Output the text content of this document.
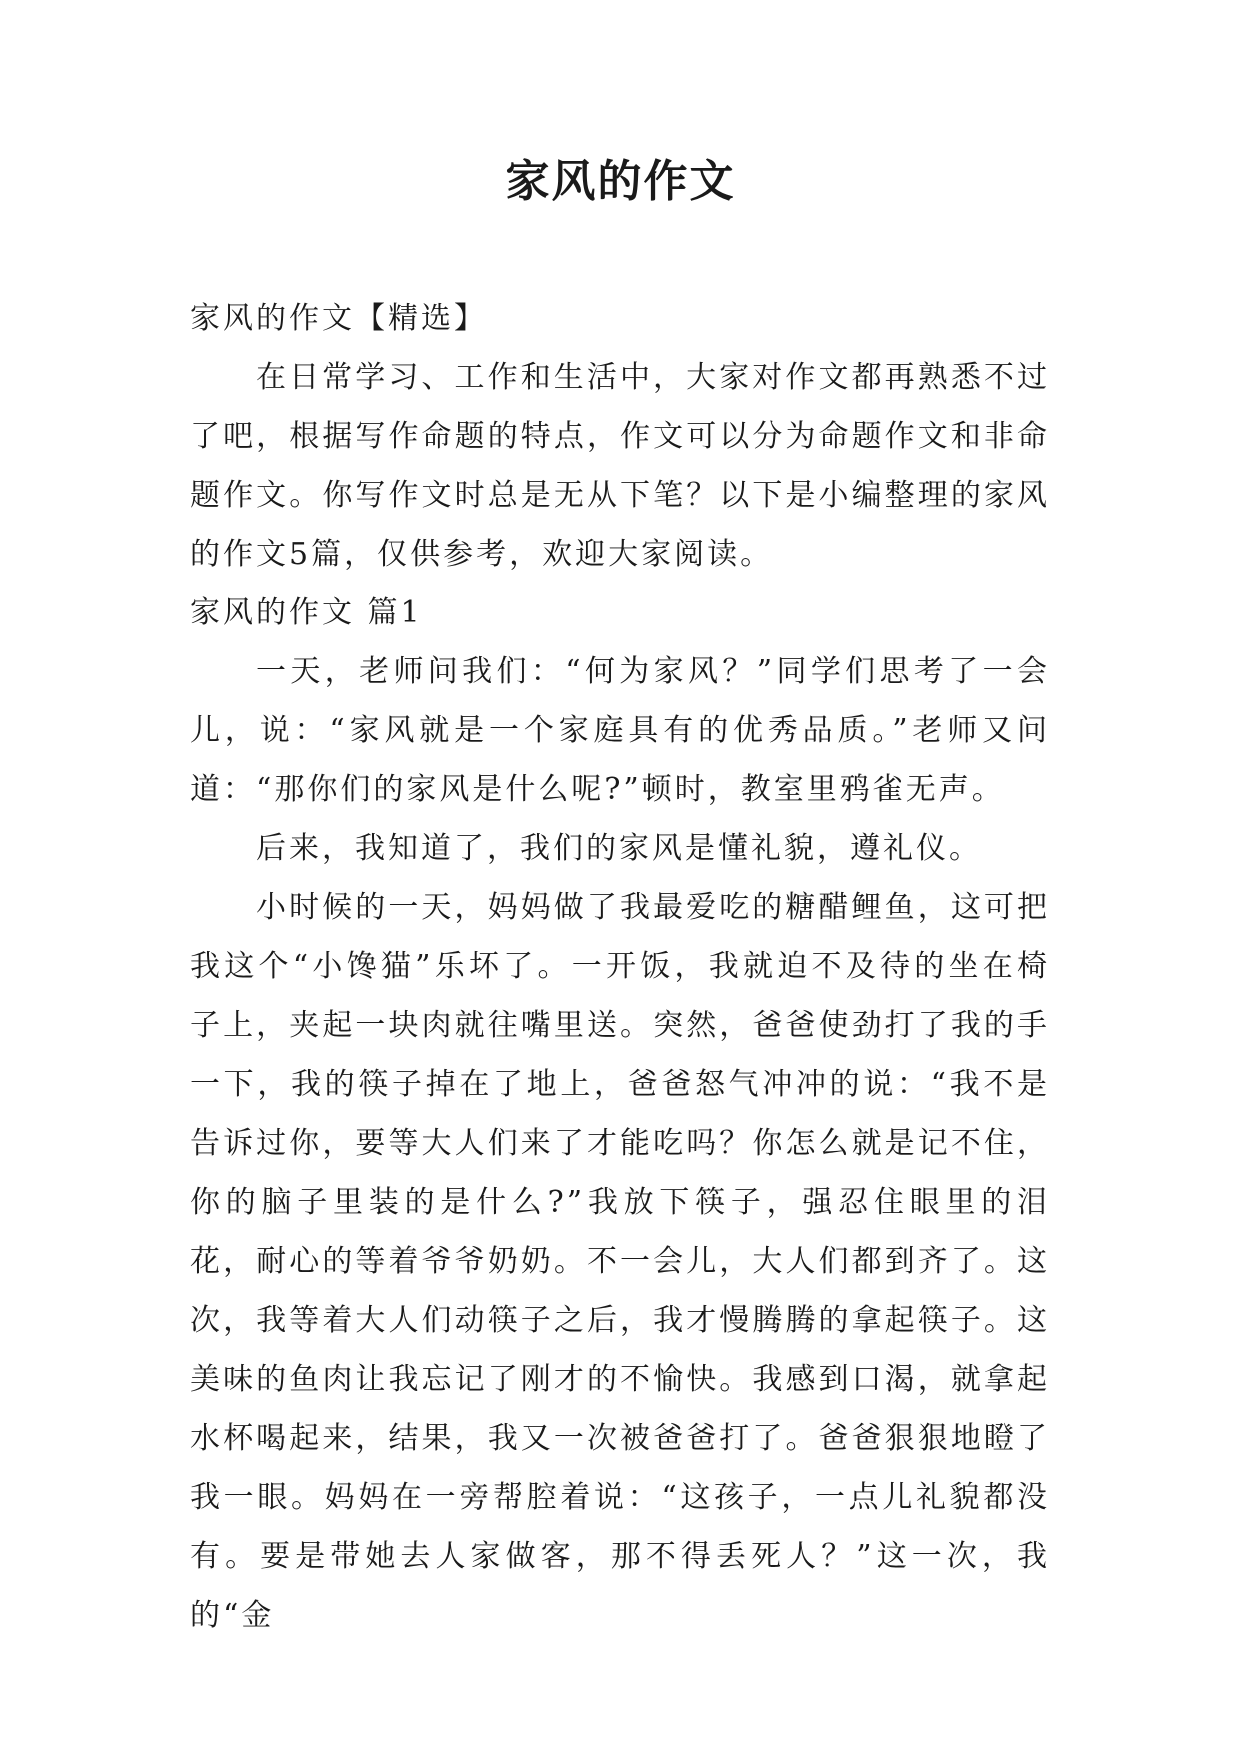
家风的作文

家风的作文【精选】

在日常学习、工作和生活中，大家对作文都再熟悉不过了吧，根据写作命题的特点，作文可以分为命题作文和非命题作文。你写作文时总是无从下笔？以下是小编整理的家风的作文5篇，仅供参考，欢迎大家阅读。

家风的作文 篇1

一天，老师问我们：“何为家风？”同学们思考了一会儿，说：“家风就是一个家庭具有的优秀品质。”老师又问道：“那你们的家风是什么呢?”顿时，教室里鸦雀无声。

后来，我知道了，我们的家风是懂礼貌，遵礼仪。

小时候的一天，妈妈做了我最爱吃的糖醋鲤鱼，这可把我这个“小馋猫”乐坏了。一开饭，我就迫不及待的坐在椅子上，夹起一块肉就往嘴里送。突然，爸爸使劲打了我的手一下，我的筷子掉在了地上，爸爸怒气冲冲的说：“我不是告诉过你，要等大人们来了才能吃吗？你怎么就是记不住，你的脑子里装的是什么?”我放下筷子，强忍住眼里的泪花，耐心的等着爷爷奶奶。不一会儿，大人们都到齐了。这次，我等着大人们动筷子之后，我才慢腾腾的拿起筷子。这美味的鱼肉让我忘记了刚才的不愉快。我感到口渴，就拿起水杯喝起来，结果，我又一次被爸爸打了。爸爸狠狠地瞪了我一眼。妈妈在一旁帮腔着说：“这孩子，一点儿礼貌都没有。要是带她去人家做客，那不得丢死人？”这一次，我的“金
